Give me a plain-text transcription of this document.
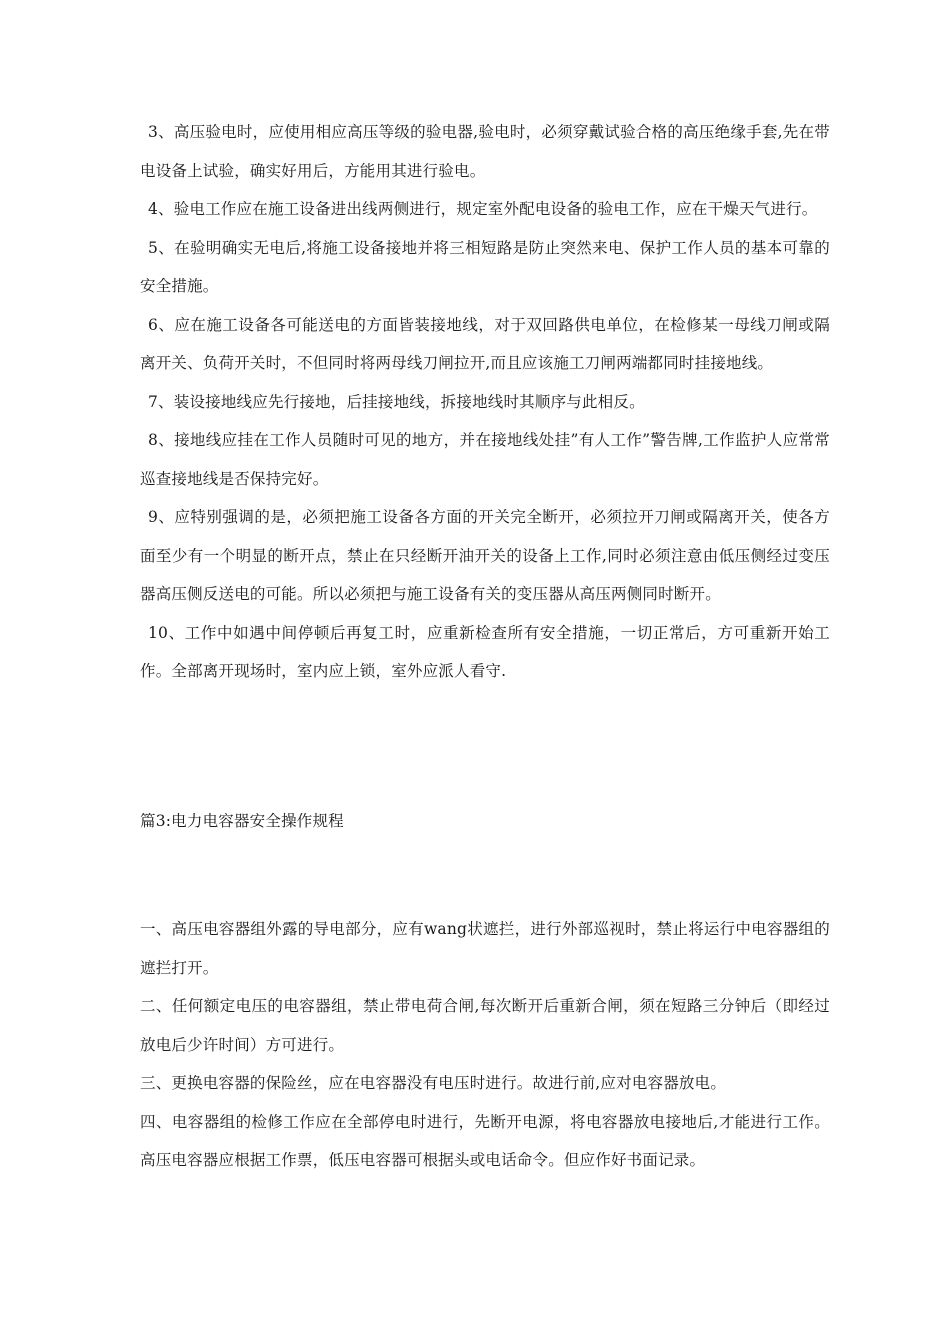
3、高压验电时，应使用相应高压等级的验电器,验电时，必须穿戴试验合格的高压绝缘手套,先在带电设备上试验，确实好用后，方能用其进行验电。

4、验电工作应在施工设备进出线两侧进行，规定室外配电设备的验电工作，应在干燥天气进行。

5、在验明确实无电后,将施工设备接地并将三相短路是防止突然来电、保护工作人员的基本可靠的安全措施。

6、应在施工设备各可能送电的方面皆装接地线，对于双回路供电单位，在检修某一母线刀闸或隔离开关、负荷开关时，不但同时将两母线刀闸拉开,而且应该施工刀闸两端都同时挂接地线。

7、装设接地线应先行接地，后挂接地线，拆接地线时其顺序与此相反。

8、接地线应挂在工作人员随时可见的地方，并在接地线处挂”有人工作”警告牌,工作监护人应常常巡查接地线是否保持完好。

9、应特别强调的是，必须把施工设备各方面的开关完全断开，必须拉开刀闸或隔离开关，使各方面至少有一个明显的断开点，禁止在只经断开油开关的设备上工作,同时必须注意由低压侧经过变压器高压侧反送电的可能。所以必须把与施工设备有关的变压器从高压两侧同时断开。

10、工作中如遇中间停顿后再复工时，应重新检查所有安全措施，一切正常后，方可重新开始工作。全部离开现场时，室内应上锁，室外应派人看守.

篇3:电力电容器安全操作规程

一、高压电容器组外露的导电部分，应有wang状遮拦，进行外部巡视时，禁止将运行中电容器组的遮拦打开。

二、任何额定电压的电容器组，禁止带电荷合闸,每次断开后重新合闸，须在短路三分钟后（即经过放电后少许时间）方可进行。

三、更换电容器的保险丝，应在电容器没有电压时进行。故进行前,应对电容器放电。

四、电容器组的检修工作应在全部停电时进行，先断开电源，将电容器放电接地后,才能进行工作。高压电容器应根据工作票，低压电容器可根据头或电话命令。但应作好书面记录。
